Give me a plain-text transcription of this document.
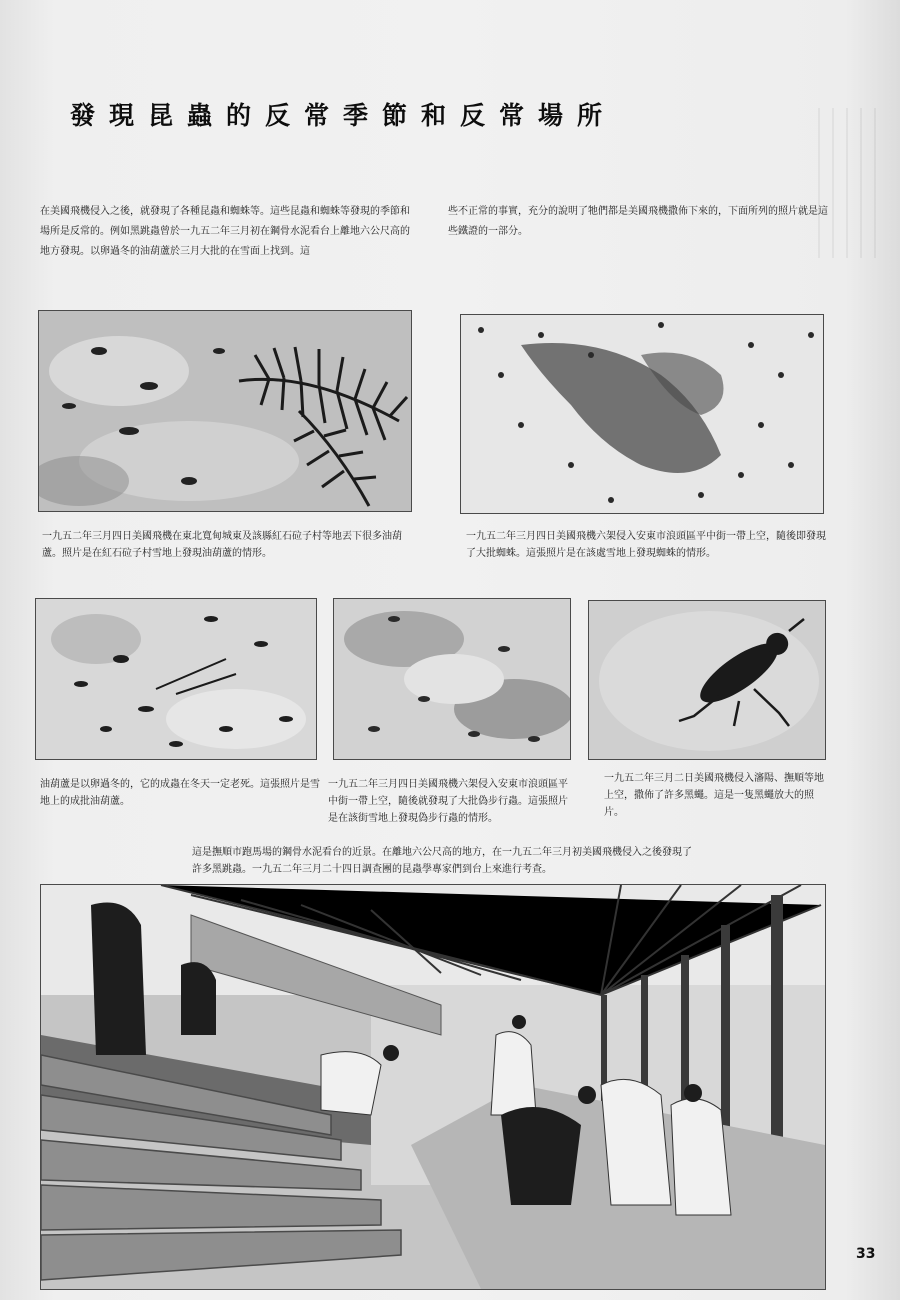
發現昆蟲的反常季節和反常場所
在美國飛機侵入之後，就發現了各種昆蟲和蜘蛛等。這些昆蟲和蜘蛛等發現的季節和場所是反常的。例如黑跳蟲曾於一九五二年三月初在鋼骨水泥看台上離地六公尺高的地方發現。以卵過冬的油葫蘆於三月大批的在雪面上找到。這
些不正常的事實，充分的說明了牠們都是美國飛機撒佈下來的，下面所列的照片就是這些鐵證的一部分。
一九五二年三月四日美國飛機在東北寬甸城東及該縣紅石砬子村等地丟下很多油葫蘆。照片是在紅石砬子村雪地上發現油葫蘆的情形。
一九五二年三月四日美國飛機六架侵入安東市浪頭區平中街一帶上空，隨後即發現了大批蜘蛛。這張照片是在該處雪地上發現蜘蛛的情形。
油葫蘆是以卵過冬的，它的成蟲在冬天一定老死。這張照片是雪地上的成批油葫蘆。
一九五二年三月四日美國飛機六架侵入安東市浪頭區平中街一帶上空，隨後就發現了大批偽步行蟲。這張照片是在該街雪地上發現偽步行蟲的情形。
一九五二年三月二日美國飛機侵入瀋陽、撫順等地上空，撒佈了許多黑蠅。這是一隻黑蠅放大的照片。
這是撫順市跑馬場的鋼骨水泥看台的近景。在離地六公尺高的地方，在一九五二年三月初美國飛機侵入之後發現了許多黑跳蟲。一九五二年三月二十四日調查團的昆蟲學專家們到台上來進行考查。
33
